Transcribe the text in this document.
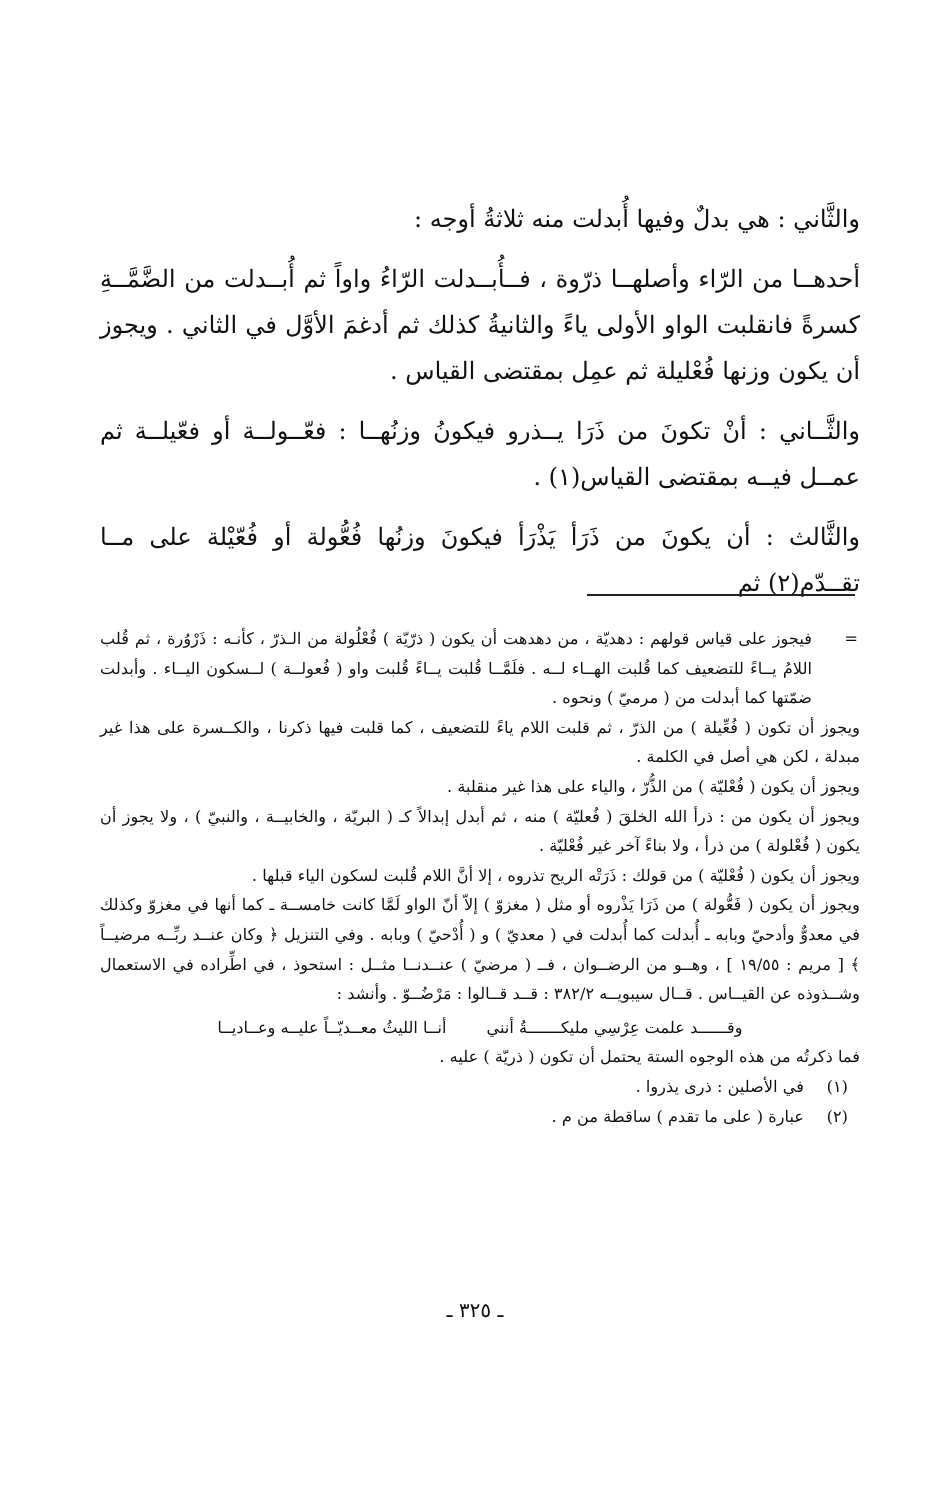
والثَّاني : هي بدلٌ وفيها أُبدلت منه ثلاثةُ أوجه :

أحدهــا من الرّاء وأصلهــا ذرّوة ، فــأُبــدلت الرّاءُ واواً ثم أُبــدلت من الضَّمَّــةِ كسرةً فانقلبت الواو الأولى ياءً والثانيةُ كذلك ثم أدغمَ الأوَّل في الثاني . ويجوز أن يكون وزنها فُعْليلة ثم عمِل بمقتضى القياس .

والثَّــاني : أنْ تكونَ من ذَرَا يــذرو فيكونُ وزنُهــا : فعّــولــة أو فعّيلــة ثم عمــل فيــه بمقتضى القياس(١) .

والثَّالث : أن يكونَ من ذَرَأ يَذْرَأ فيكونَ وزنُها فُعُّولة أو فُعّيْلة على مــا تقــدّم(٢) ثم

=
فيجوز على قياس قولهم : دهديّة ، من دهدهت أن يكون ( ذرّيّة ) فُعْلُولة من الـذرّ ، كأنـه : ذَرْوُرة ، ثم قُلب اللامُ يــاءً للتضعيف كما قُلبت الهــاء لــه . فلَمَّــا قُلبت يــاءً قُلبت واو ( فُعولــة ) لــسكون اليــاء . وأبدلت ضمّتها كما أبدلت من ( مرميّ ) ونحوه .

ويجوز أن تكون ( فُعِّيلة ) من الذرّ ، ثم قلبت اللام ياءً للتضعيف ، كما قلبت فيها ذكرنا ، والكــسرة على هذا غير مبدلة ، لكن هي أصل في الكلمة .

ويجوز أن يكون ( فُعْليّة ) من الذُّرّ ، والياء على هذا غير منقلبة .

ويجوز أن يكون من : ذرأ الله الخلقَ ( فُعليّة ) منه ، ثم أبدل إبدالاً كـ ( البريّة ، والخابيــة ، والنبيّ ) ، ولا يجوز أن يكون ( فُعْلولة ) من ذرأ ، ولا بناءً آخر غير فُعْليّة .

ويجوز أن يكون ( فُعْليّة ) من قولك : ذَرَتْه الريح تذروه ، إلا أنَّ اللام قُلبت لسكون الياء قبلها .

ويجوز أن يكون ( فَعُّولة ) من ذَرَا يَذْروه أو مثل ( مغزوّ ) إلاّ أنّ الواو لَمَّا كانت خامســة ـ كما أنها في مغزوّ وكذلك في معدوٌّ وأدحيّ وبابه ـ أُبدلت كما أُبدلت في ( معديّ ) و ( أُدْحيّ ) وبابه . وفي التنزيل ﴿ وكان عنــد ربِّــه مرضيــاً ﴾ [ مريم : ١٩/٥٥ ] ، وهــو من الرضــوان ، فــ ( مرضيّ ) عنــدنــا مثــل : استحوذ ، في اطِّراده في الاستعمال وشــذوذه عن القيــاس . قــال سيبويــه ٣٨٢/٢ : قــد قــالوا : مَرْضُــوّ . وأنشد :

وقــــــد علمت عِرْسِي مليكـــــــةُ أنني
أنــا الليثُ معــديّــاً عليــه وعــاديــا

فما ذكرتُه من هذه الوجوه الستة يحتمل أن تكون ( ذريّة ) عليه .

(١)
في الأصلين : ذرى يذروا .
(٢)
عبارة ( على ما تقدم ) ساقطة من م .
ـ ٣٢٥ ـ
